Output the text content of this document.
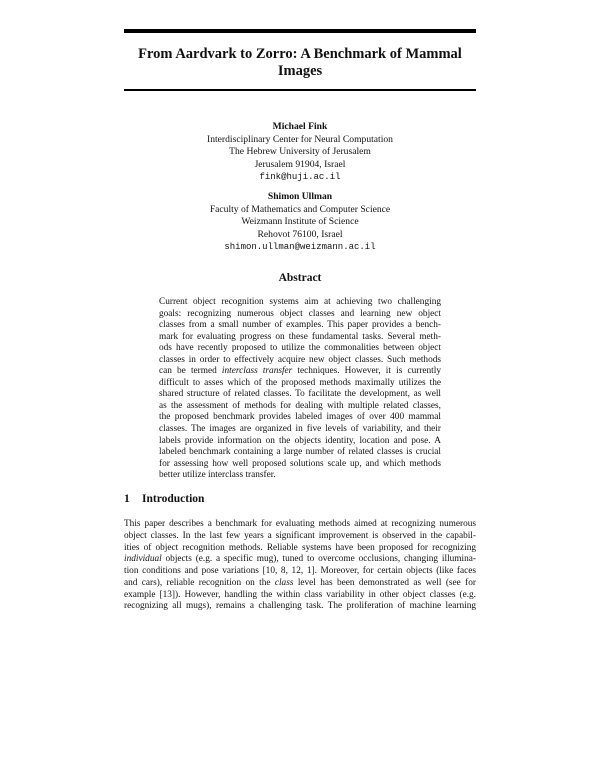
From Aardvark to Zorro: A Benchmark of Mammal
Images
Michael Fink
Interdisciplinary Center for Neural Computation
The Hebrew University of Jerusalem
Jerusalem 91904, Israel
fink@huji.ac.il
Shimon Ullman
Faculty of Mathematics and Computer Science
Weizmann Institute of Science
Rehovot 76100, Israel
shimon.ullman@weizmann.ac.il
Abstract
Current object recognition systems aim at achieving two challenging
goals: recognizing numerous object classes and learning new object
classes from a small number of examples. This paper provides a bench-
mark for evaluating progress on these fundamental tasks. Several meth-
ods have recently proposed to utilize the commonalities between object
classes in order to effectively acquire new object classes. Such methods
can be termed interclass transfer techniques. However, it is currently
difficult to asses which of the proposed methods maximally utilizes the
shared structure of related classes. To facilitate the development, as well
as the assessment of methods for dealing with multiple related classes,
the proposed benchmark provides labeled images of over 400 mammal
classes. The images are organized in five levels of variability, and their
labels provide information on the objects identity, location and pose. A
labeled benchmark containing a large number of related classes is crucial
for assessing how well proposed solutions scale up, and which methods
better utilize interclass transfer.
1 Introduction
This paper describes a benchmark for evaluating methods aimed at recognizing numerous
object classes. In the last few years a significant improvement is observed in the capabil-
ities of object recognition methods. Reliable systems have been proposed for recognizing
individual objects (e.g. a specific mug), tuned to overcome occlusions, changing illumina-
tion conditions and pose variations [10, 8, 12, 1]. Moreover, for certain objects (like faces
and cars), reliable recognition on the class level has been demonstrated as well (see for
example [13]). However, handling the within class variability in other object classes (e.g.
recognizing all mugs), remains a challenging task. The proliferation of machine learning
